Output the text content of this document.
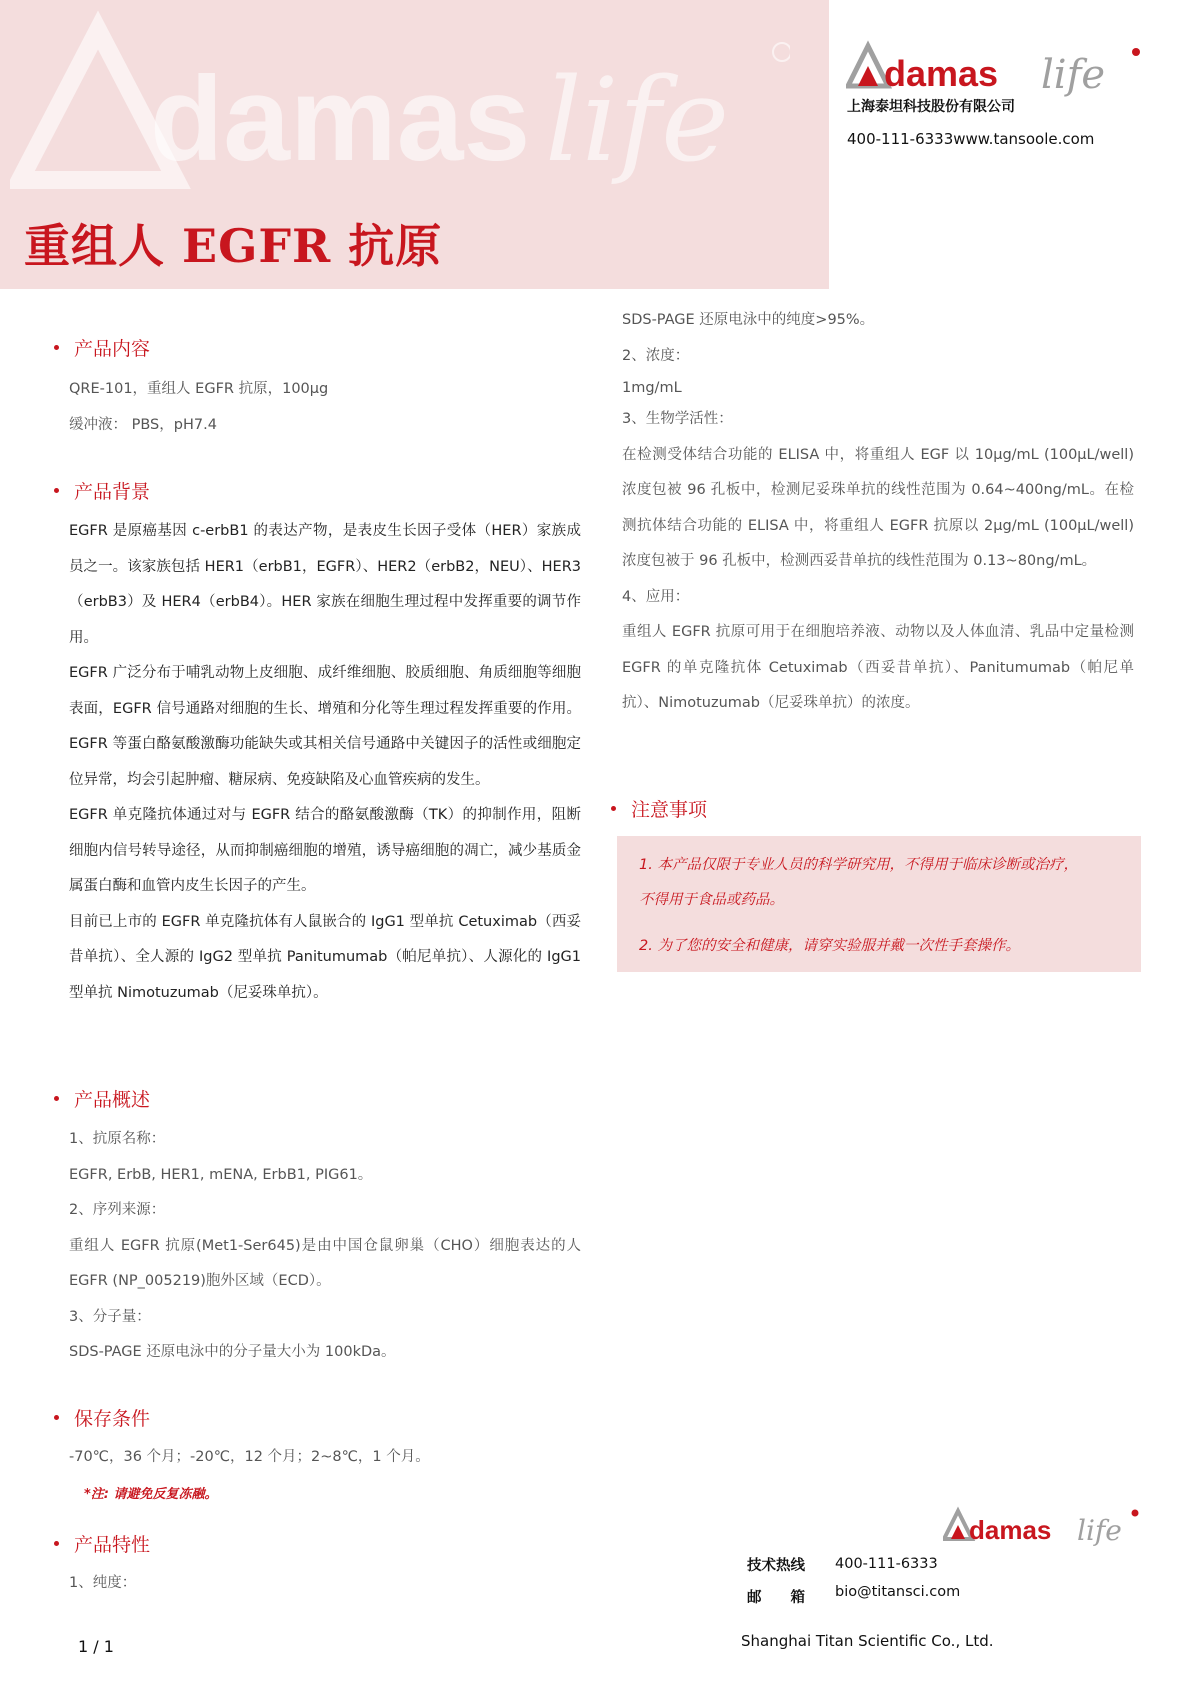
damas life
重组人 EGFR 抗原
damas life
上海泰坦科技股份有限公司
400-111-6333www.tansoole.com
产品内容

QRE-101，重组人 EGFR 抗原，100μg

缓冲液： PBS，pH7.4

产品背景

EGFR 是原癌基因 c-erbB1 的表达产物，是表皮生长因子受体（HER）家族成员之一。该家族包括 HER1（erbB1，EGFR）、HER2（erbB2，NEU）、HER3（erbB3）及 HER4（erbB4）。HER 家族在细胞生理过程中发挥重要的调节作用。

EGFR 广泛分布于哺乳动物上皮细胞、成纤维细胞、胶质细胞、角质细胞等细胞表面，EGFR 信号通路对细胞的生长、增殖和分化等生理过程发挥重要的作用。EGFR 等蛋白酪氨酸激酶功能缺失或其相关信号通路中关键因子的活性或细胞定位异常，均会引起肿瘤、糖尿病、免疫缺陷及心血管疾病的发生。

EGFR 单克隆抗体通过对与 EGFR 结合的酪氨酸激酶（TK）的抑制作用，阻断细胞内信号转导途径，从而抑制癌细胞的增殖，诱导癌细胞的凋亡，减少基质金属蛋白酶和血管内皮生长因子的产生。

目前已上市的 EGFR 单克隆抗体有人鼠嵌合的 IgG1 型单抗 Cetuximab（西妥昔单抗）、全人源的 IgG2 型单抗 Panitumumab（帕尼单抗）、人源化的 IgG1 型单抗 Nimotuzumab（尼妥珠单抗）。

产品概述

1、抗原名称：

EGFR, ErbB, HER1, mENA, ErbB1, PIG61。

2、序列来源：

重组人 EGFR 抗原(Met1-Ser645)是由中国仓鼠卵巢（CHO）细胞表达的人 EGFR (NP_005219)胞外区域（ECD）。

3、分子量：

SDS-PAGE 还原电泳中的分子量大小为 100kDa。

保存条件
-70℃，36 个月；-20℃，12 个月；2~8℃，1 个月。
*注: 请避免反复冻融。
产品特性
1、纯度：

SDS-PAGE 还原电泳中的纯度>95%。

2、浓度：

1mg/mL

3、生物学活性：

在检测受体结合功能的 ELISA 中，将重组人 EGF 以 10μg/mL (100μL/well) 浓度包被 96 孔板中，检测尼妥珠单抗的线性范围为 0.64~400ng/mL。在检测抗体结合功能的 ELISA 中，将重组人 EGFR 抗原以 2μg/mL (100μL/well) 浓度包被于 96 孔板中，检测西妥昔单抗的线性范围为 0.13~80ng/mL。

4、应用：

重组人 EGFR 抗原可用于在细胞培养液、动物以及人体血清、乳品中定量检测 EGFR 的单克隆抗体 Cetuximab（西妥昔单抗）、Panitumumab（帕尼单抗）、Nimotuzumab（尼妥珠单抗）的浓度。

注意事项
1. 本产品仅限于专业人员的科学研究用，不得用于临床诊断或治疗，
不得用于食品或药品。
2. 为了您的安全和健康，请穿实验服并戴一次性手套操作。
damas life
技术热线 400-111-6333
邮　　箱 bio@titansci.com
Shanghai Titan Scientific Co., Ltd.
1 / 1
